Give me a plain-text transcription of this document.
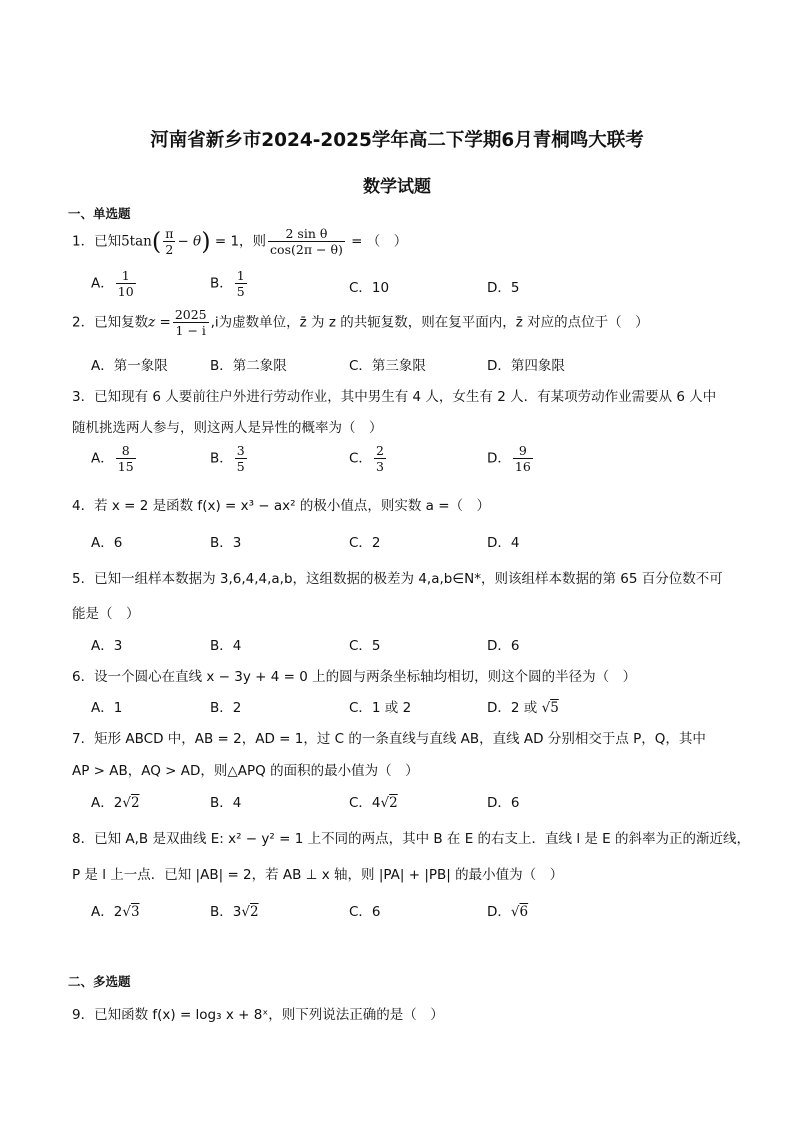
河南省新乡市2024-2025学年高二下学期6月青桐鸣大联考
数学试题
一、单选题
1．已知$5\tan( \frac{\pi}{2} - \theta) = 1$，则 $\frac{\text{2 sin θ}}{\cos(2\pi - \theta)}$ = （　）
A． $\frac{1}{10}$	B． $\frac{1}{5}$	C．10	D．5
2．已知复数$z = \frac{2025}{1 - i} ,i$为虚数单位，z̄ 为 z 的共轭复数，则在复平面内，z̄ 对应的点位于（　）
A．第一象限	B．第二象限	C．第三象限	D．第四象限
3．已知现有 6 人要前往户外进行劳动作业，其中男生有 4 人，女生有 2 人．有某项劳动作业需要从 6 人中
随机挑选两人参与，则这两人是异性的概率为（　）
A． $\frac{8}{15}$	B． $\frac{3}{5}$	C． $\frac{2}{3}$	D． $\frac{9}{16}$
4．若 x = 2 是函数 f(x) = x³ − ax² 的极小值点，则实数 a =（　）
A．6	B．3	C．2	D．4
5．已知一组样本数据为 3,6,4,4,a,b，这组数据的极差为 4,a,b∈N*，则该组样本数据的第 65 百分位数不可
能是（　）
A．3	B．4	C．5	D．6
6．设一个圆心在直线 x − 3y + 4 = 0 上的圆与两条坐标轴均相切，则这个圆的半径为（　）
A．1	B．2	C．1 或 2	D．2 或 √5
7．矩形 ABCD 中，AB = 2，AD = 1，过 C 的一条直线与直线 AB，直线 AD 分别相交于点 P，Q，其中
AP > AB，AQ > AD，则△APQ 的面积的最小值为（　）
A．2√2	B．4	C．4√2	D．6
8．已知 A,B 是双曲线 E: x² − y² = 1 上不同的两点，其中 B 在 E 的右支上．直线 l 是 E 的斜率为正的渐近线，
P 是 l 上一点．已知 |AB| = 2，若 AB ⊥ x 轴，则 |PA| + |PB| 的最小值为（　）
A．2√3	B．3√2	C．6	D．√6
二、多选题
9．已知函数 f(x) = log₃ x + 8ˣ，则下列说法正确的是（　）
